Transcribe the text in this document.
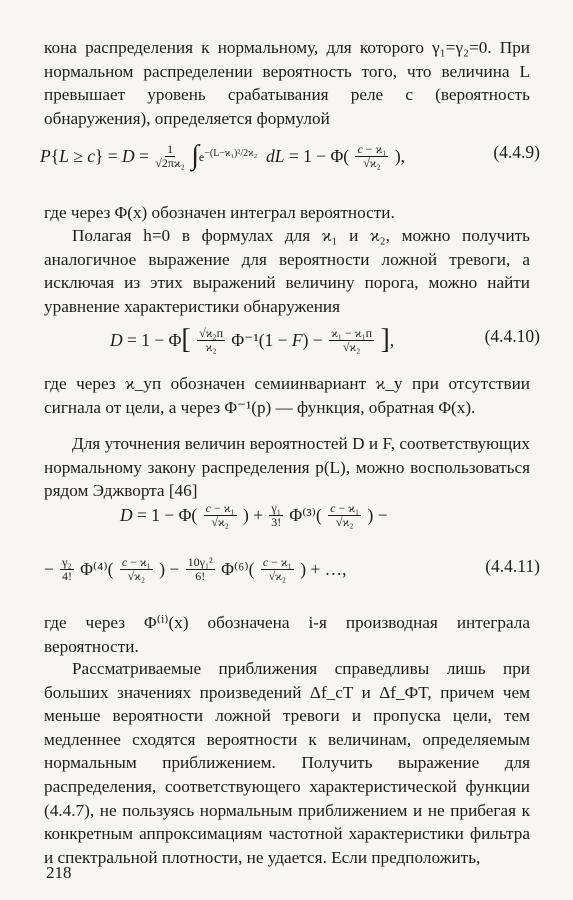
кона распределения к нормальному, для которого γ₁=γ₂=0. При нормальном распределении вероятность того, что величина L превышает уровень срабатывания реле c (вероятность обнаружения), определяется формулой
$P\{L \ge c\} = D = \frac{1}{\text{√2πϰ₂}} \int e^{-(L-ϰ_1)^2/2ϰ_2}$ dL = $1 - \Phi( \frac{\text{c − ϰ₁}}{\text{√ϰ₂}}$ ),	(4.4.9)
где через Φ(x) обозначен интеграл вероятности.
Полагая h=0 в формулах для ϰ₁ и ϰ₂, можно получить аналогичное выражение для вероятности ложной тревоги, а исключая из этих выражений величину порога, можно найти уравнение характеристики обнаружения
$D = 1 - \Phi[ \frac{\text{√ϰ₂п}}{\text{ϰ₂}} \Phi^{-1}(1 - F) - \frac{\text{ϰ₁ − ϰ₁п}}{\text{√ϰ₂}}$ ],	(4.4.10)
где через ϰ_уп обозначен семиинвариант ϰ_у при отсутствии сигнала от цели, а через Φ⁻¹(p) — функция, обратная Φ(x).
Для уточнения величин вероятностей D и F, соответствующих нормальному закону распределения p(L), можно воспользоваться рядом Эджворта [46]
$D = 1 - \Phi( \frac{\text{c − ϰ₁}}{\text{√ϰ₂}}$ ) + $\frac{\text{γ₁}}{3!} \Phi^{(3)}( \frac{\text{c − ϰ₁}}{\text{√ϰ₂}}$ ) −
− $\frac{\text{γ₂}}{4!} \Phi^{(4)}( \frac{\text{c − ϰ₁}}{\text{√ϰ₂}}$ ) − $\frac{\text{10γ₁²}}{6!} \Phi^{(6)}( \frac{\text{c − ϰ₁}}{\text{√ϰ₂}}$ ) + …,	(4.4.11)
где через Φ⁽ⁱ⁾(x) обозначена i-я производная интеграла вероятности.
Рассматриваемые приближения справедливы лишь при больших значениях произведений Δf_cT и Δf_ФT, причем чем меньше вероятности ложной тревоги и пропуска цели, тем медленнее сходятся вероятности к величинам, определяемым нормальным приближением. Получить выражение для распределения, соответствующего характеристической функции (4.4.7), не пользуясь нормальным приближением и не прибегая к конкретным аппроксимациям частотной характеристики фильтра и спектральной плотности, не удается. Если предположить,
218
